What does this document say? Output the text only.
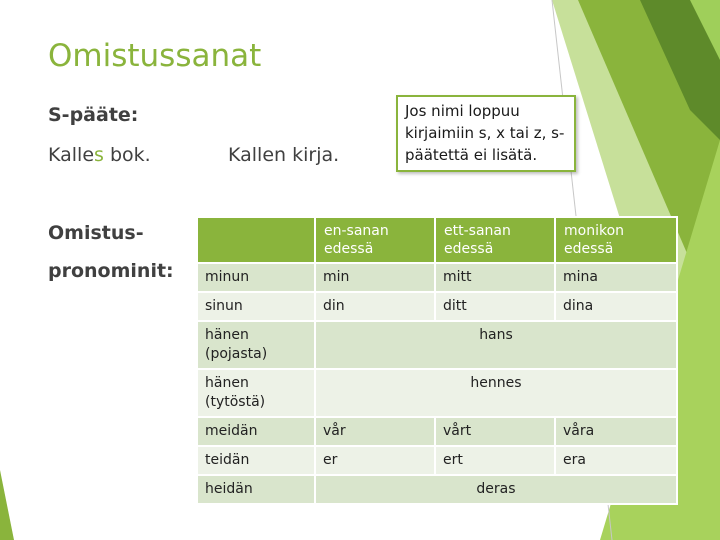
Omistussanat
S-pääte:
Kalles bok.	Kallen kirja.
Omistus-
pronominit:
Jos nimi loppuu kirjaimiin s, x tai z, s-päätettä ei lisätä.
	en-sanan edessä	ett-sanan edessä	monikon edessä
minun	min	mitt	mina
sinun	din	ditt	dina
hänen (pojasta)	hans		
hänen (tytöstä)	hennes		
meidän	vår	vårt	våra
teidän	er	ert	era
heidän	deras		
